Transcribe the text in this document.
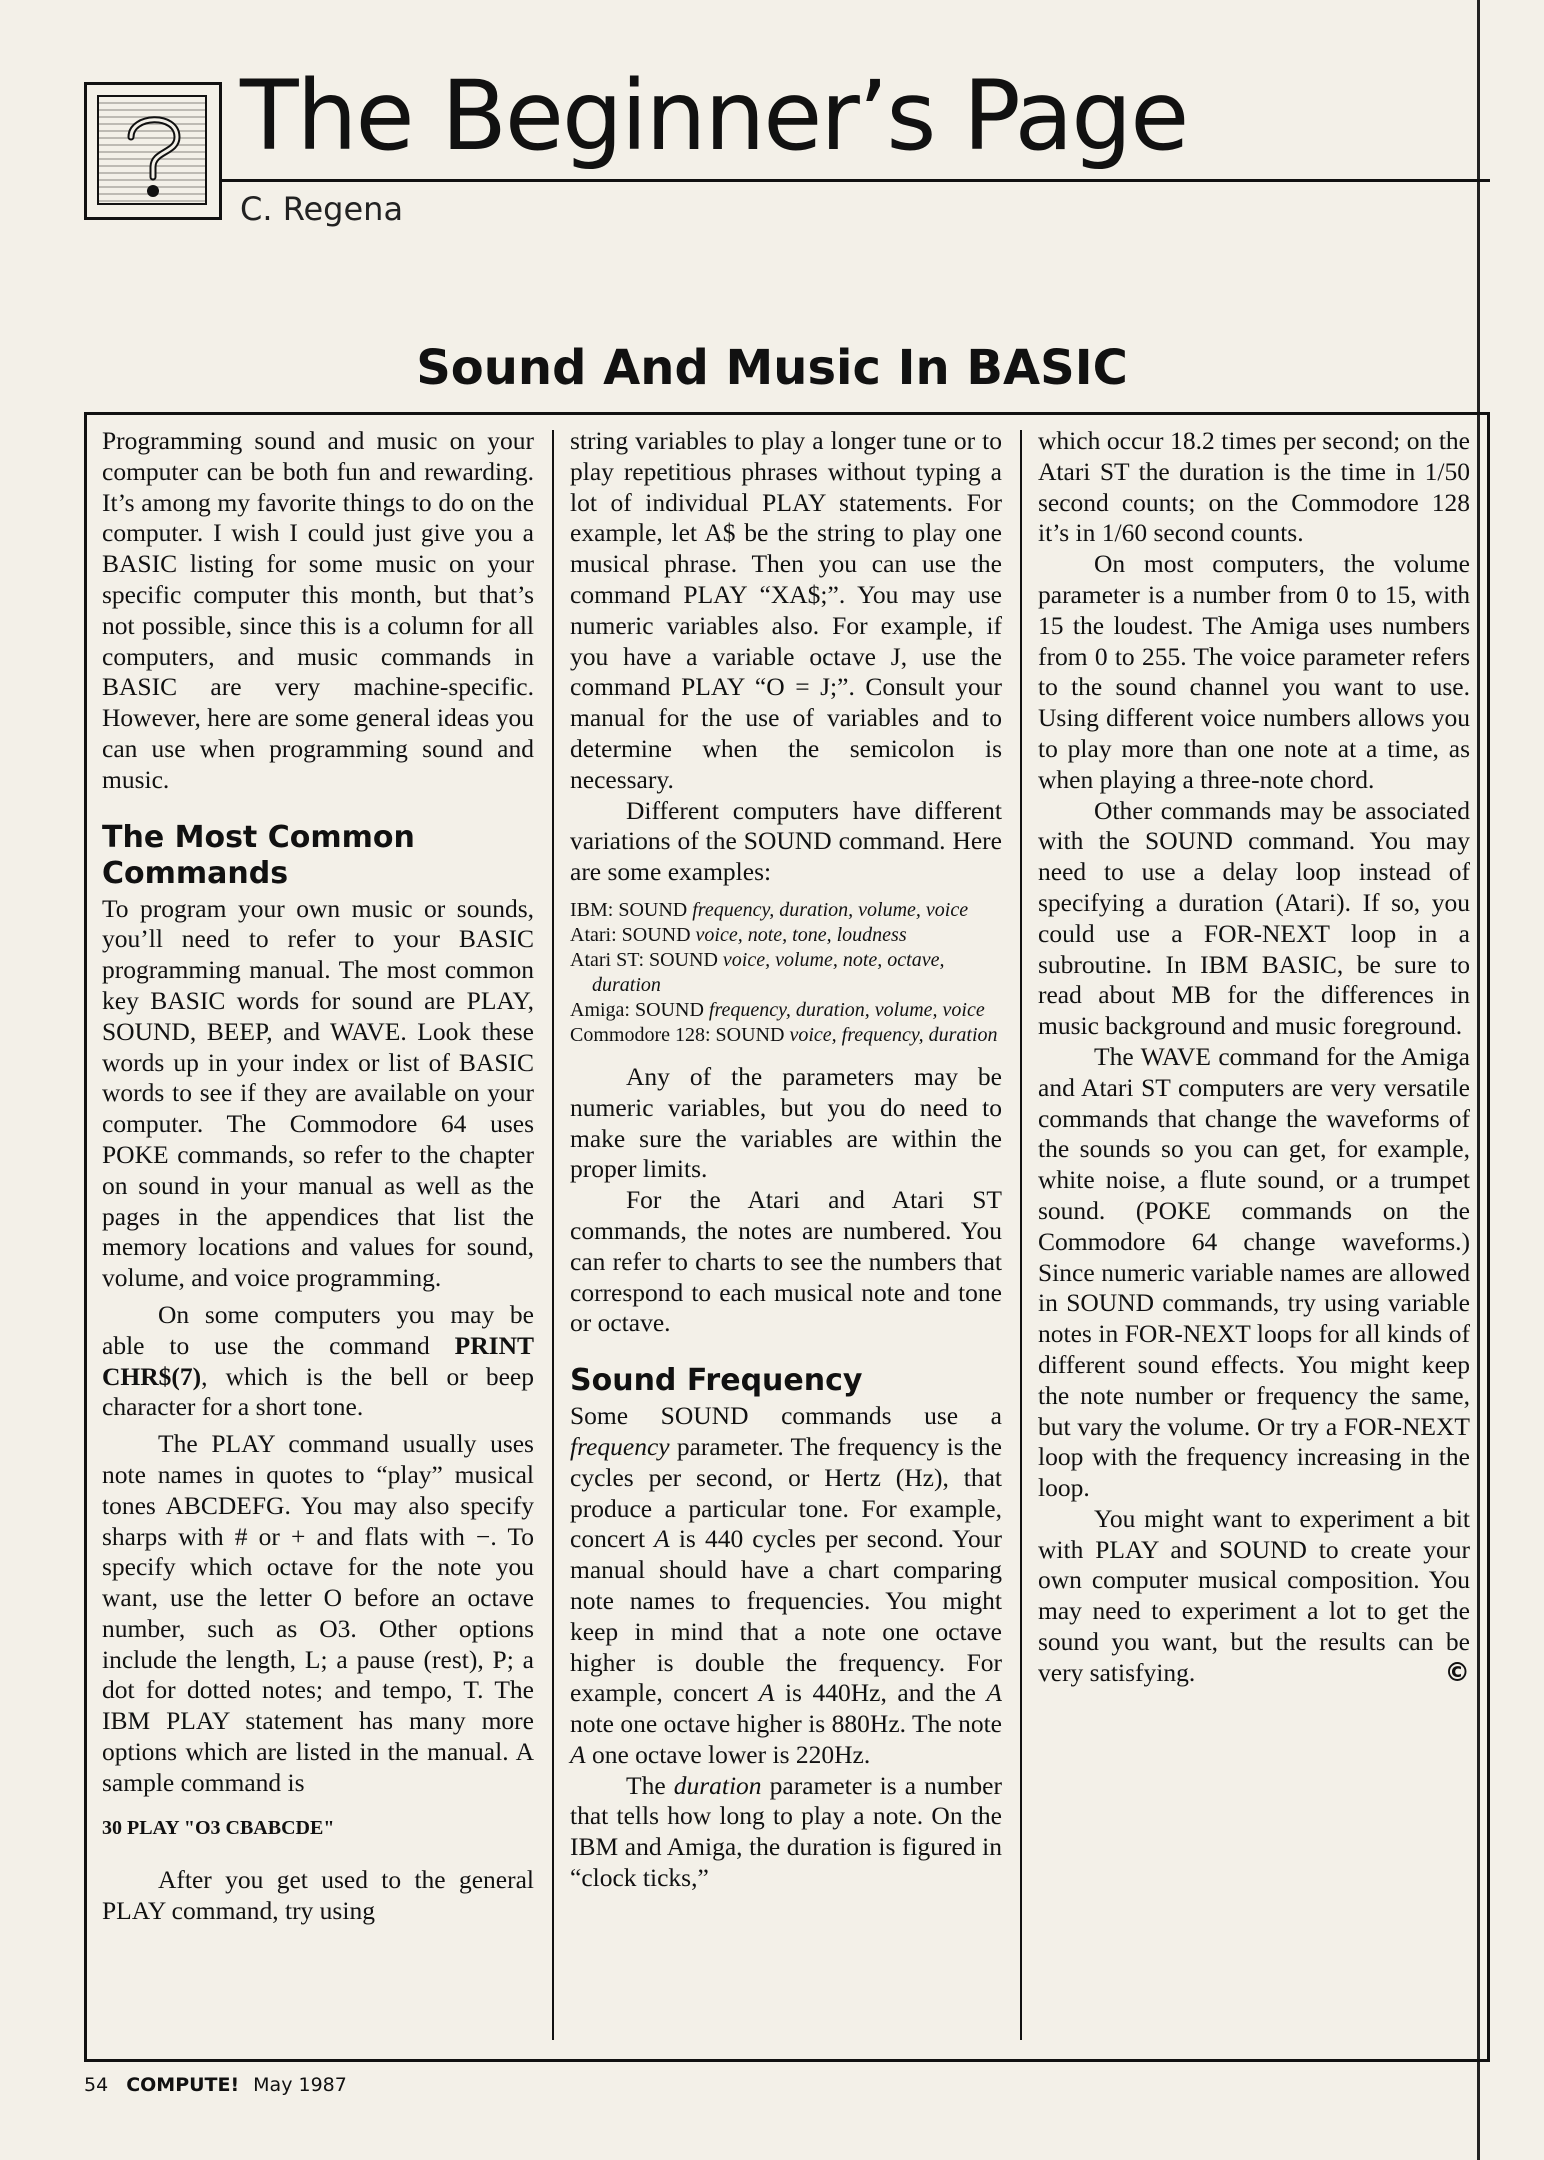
The Beginner’s Page
C. Regena
Sound And Music In BASIC

Programming sound and music on your computer can be both fun and rewarding. It’s among my favorite things to do on the computer. I wish I could just give you a BASIC listing for some music on your specific computer this month, but that’s not possible, since this is a column for all computers, and music commands in BASIC are very machine-specific. However, here are some general ideas you can use when programming sound and music.

The Most Common Commands

To program your own music or sounds, you’ll need to refer to your BASIC programming manual. The most common key BASIC words for sound are PLAY, SOUND, BEEP, and WAVE. Look these words up in your index or list of BASIC words to see if they are available on your computer. The Commodore 64 uses POKE commands, so refer to the chapter on sound in your manual as well as the pages in the appendices that list the memory locations and values for sound, volume, and voice programming.

On some computers you may be able to use the command PRINT CHR$(7), which is the bell or beep character for a short tone.

The PLAY command usually uses note names in quotes to “play” musical tones ABCDEFG. You may also specify sharps with # or + and flats with −. To specify which octave for the note you want, use the letter O before an octave number, such as O3. Other options include the length, L; a pause (rest), P; a dot for dotted notes; and tempo, T. The IBM PLAY statement has many more options which are listed in the manual. A sample command is

30 PLAY "O3 CBABCDE"

After you get used to the general PLAY command, try using

string variables to play a longer tune or to play repetitious phrases without typing a lot of individual PLAY statements. For example, let A$ be the string to play one musical phrase. Then you can use the command PLAY “XA$;”. You may use numeric variables also. For example, if you have a variable octave J, use the command PLAY “O = J;”. Consult your manual for the use of variables and to determine when the semicolon is necessary.

Different computers have different variations of the SOUND command. Here are some examples:

IBM: SOUND frequency, duration, volume, voice
Atari: SOUND voice, note, tone, loudness
Atari ST: SOUND voice, volume, note, octave, duration
Amiga: SOUND frequency, duration, volume, voice
Commodore 128: SOUND voice, frequency, duration

Any of the parameters may be numeric variables, but you do need to make sure the variables are within the proper limits.

For the Atari and Atari ST commands, the notes are numbered. You can refer to charts to see the numbers that correspond to each musical note and tone or octave.

Sound Frequency

Some SOUND commands use a frequency parameter. The frequency is the cycles per second, or Hertz (Hz), that produce a particular tone. For example, concert A is 440 cycles per second. Your manual should have a chart comparing note names to frequencies. You might keep in mind that a note one octave higher is double the frequency. For example, concert A is 440Hz, and the A note one octave higher is 880Hz. The note A one octave lower is 220Hz.

The duration parameter is a number that tells how long to play a note. On the IBM and Amiga, the duration is figured in “clock ticks,”

which occur 18.2 times per second; on the Atari ST the duration is the time in 1/50 second counts; on the Commodore 128 it’s in 1/60 second counts.

On most computers, the volume parameter is a number from 0 to 15, with 15 the loudest. The Amiga uses numbers from 0 to 255. The voice parameter refers to the sound channel you want to use. Using different voice numbers allows you to play more than one note at a time, as when playing a three-note chord.

Other commands may be associated with the SOUND command. You may need to use a delay loop instead of specifying a duration (Atari). If so, you could use a FOR-NEXT loop in a subroutine. In IBM BASIC, be sure to read about MB for the differences in music background and music foreground.

The WAVE command for the Amiga and Atari ST computers are very versatile commands that change the waveforms of the sounds so you can get, for example, white noise, a flute sound, or a trumpet sound. (POKE commands on the Commodore 64 change waveforms.) Since numeric variable names are allowed in SOUND commands, try using variable notes in FOR-NEXT loops for all kinds of different sound effects. You might keep the note number or frequency the same, but vary the volume. Or try a FOR-NEXT loop with the frequency increasing in the loop.

You might want to experiment a bit with PLAY and SOUND to create your own computer musical composition. You may need to experiment a lot to get the sound you want, but the results can be very satisfying.	©

54 COMPUTE! May 1987
